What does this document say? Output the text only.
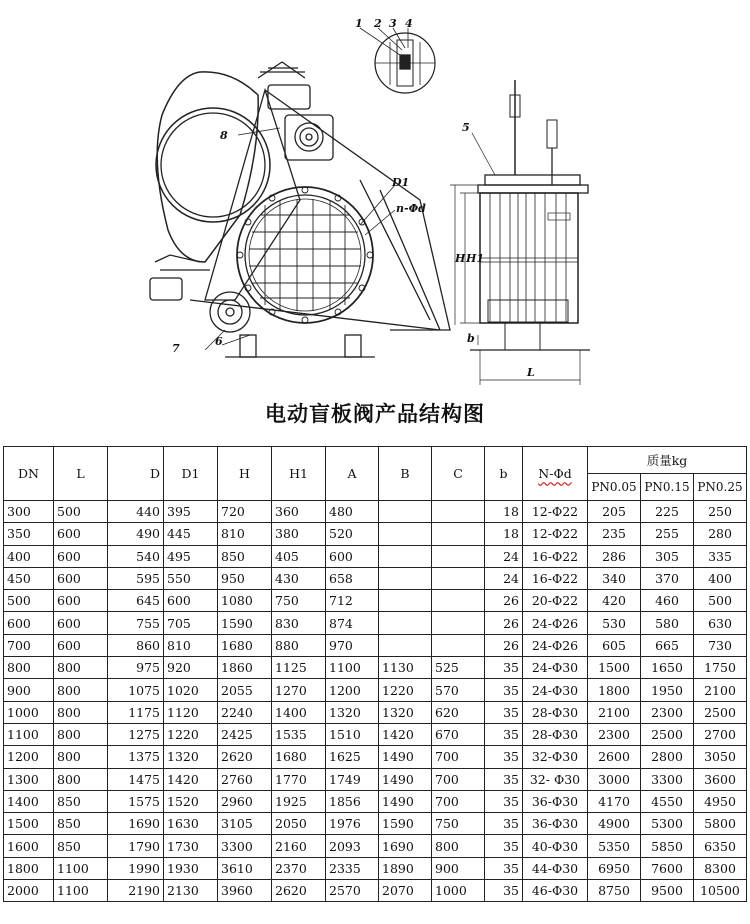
1 2 3 4
5
6
7
8
D1
n-Φd
H H1
b
L
电动盲板阀产品结构图
DN	L	D	D1	H	H1	A	B	C	b	N-Φd	质量kg		
											PN0.05	PN0.15	PN0.25
300	500	440	395	720	360	480			18	12-Φ22	205	225	250
350	600	490	445	810	380	520			18	12-Φ22	235	255	280
400	600	540	495	850	405	600			24	16-Φ22	286	305	335
450	600	595	550	950	430	658			24	16-Φ22	340	370	400
500	600	645	600	1080	750	712			26	20-Φ22	420	460	500
600	600	755	705	1590	830	874			26	24-Φ26	530	580	630
700	600	860	810	1680	880	970			26	24-Φ26	605	665	730
800	800	975	920	1860	1125	1100	1130	525	35	24-Φ30	1500	1650	1750
900	800	1075	1020	2055	1270	1200	1220	570	35	24-Φ30	1800	1950	2100
1000	800	1175	1120	2240	1400	1320	1320	620	35	28-Φ30	2100	2300	2500
1100	800	1275	1220	2425	1535	1510	1420	670	35	28-Φ30	2300	2500	2700
1200	800	1375	1320	2620	1680	1625	1490	700	35	32-Φ30	2600	2800	3050
1300	800	1475	1420	2760	1770	1749	1490	700	35	32- Φ30	3000	3300	3600
1400	850	1575	1520	2960	1925	1856	1490	700	35	36-Φ30	4170	4550	4950
1500	850	1690	1630	3105	2050	1976	1590	750	35	36-Φ30	4900	5300	5800
1600	850	1790	1730	3300	2160	2093	1690	800	35	40-Φ30	5350	5850	6350
1800	1100	1990	1930	3610	2370	2335	1890	900	35	44-Φ30	6950	7600	8300
2000	1100	2190	2130	3960	2620	2570	2070	1000	35	46-Φ30	8750	9500	10500
